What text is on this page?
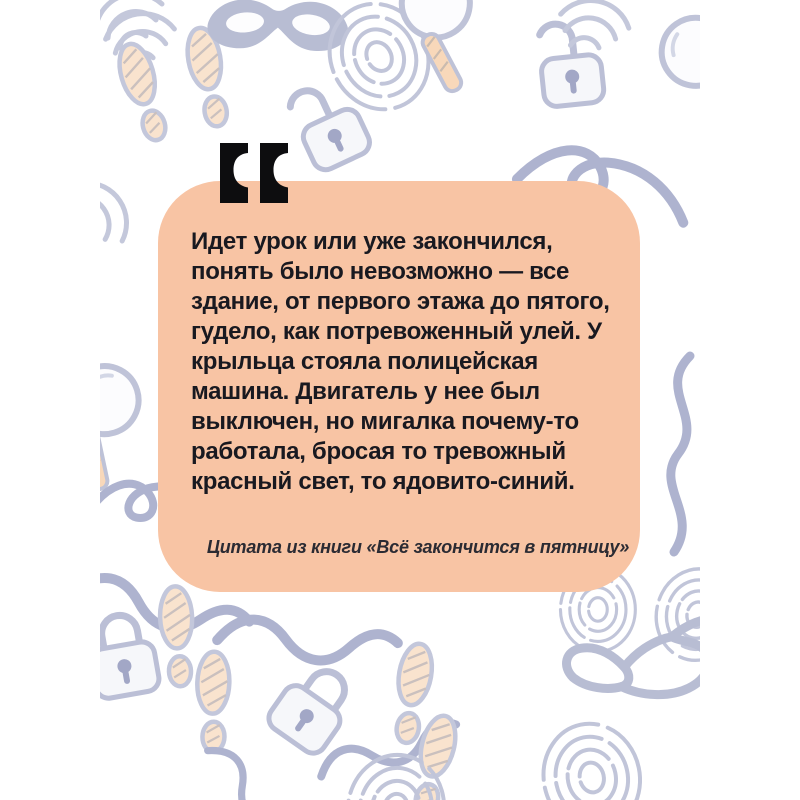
Идет урок или уже закончился,
понять было невозможно — все
здание, от первого этажа до пятого,
гудело, как потревоженный улей. У
крыльца стояла полицейская
машина. Двигатель у нее был
выключен, но мигалка почему-то
работала, бросая то тревожный
красный свет, то ядовито-синий.
Цитата из книги «Всё закончится в пятницу»
